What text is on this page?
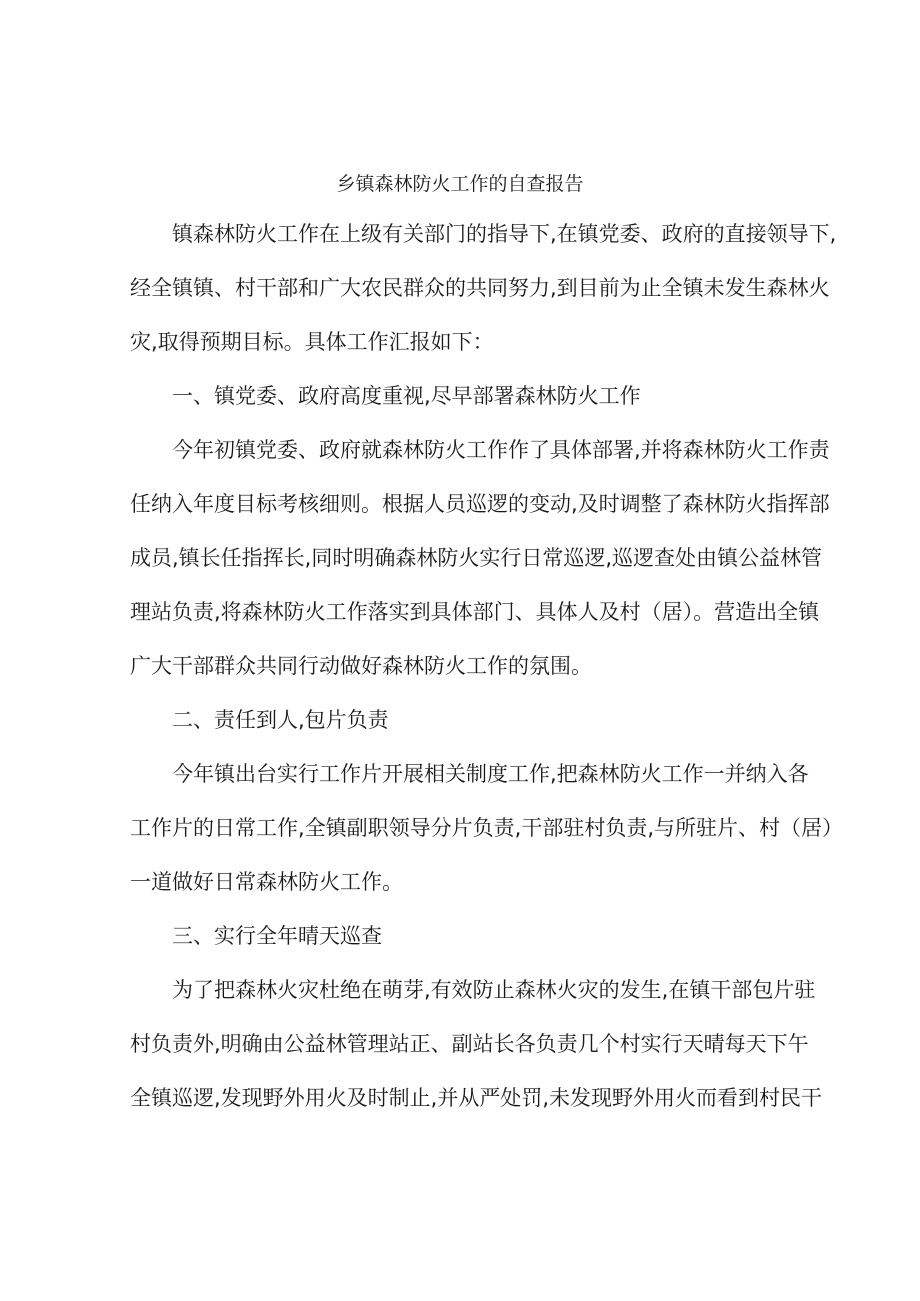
乡镇森林防火工作的自查报告
镇森林防火工作在上级有关部门的指导下,在镇党委、政府的直接领导下,
经全镇镇、村干部和广大农民群众的共同努力,到目前为止全镇未发生森林火
灾,取得预期目标。具体工作汇报如下：
一、镇党委、政府高度重视,尽早部署森林防火工作
今年初镇党委、政府就森林防火工作作了具体部署,并将森林防火工作责
任纳入年度目标考核细则。根据人员巡逻的变动,及时调整了森林防火指挥部
成员,镇长任指挥长,同时明确森林防火实行日常巡逻,巡逻查处由镇公益林管
理站负责,将森林防火工作落实到具体部门、具体人及村（居）。营造出全镇
广大干部群众共同行动做好森林防火工作的氛围。
二、责任到人,包片负责
今年镇出台实行工作片开展相关制度工作,把森林防火工作一并纳入各
工作片的日常工作,全镇副职领导分片负责,干部驻村负责,与所驻片、村（居）
一道做好日常森林防火工作。
三、实行全年晴天巡查
为了把森林火灾杜绝在萌芽,有效防止森林火灾的发生,在镇干部包片驻
村负责外,明确由公益林管理站正、副站长各负责几个村实行天晴每天下午
全镇巡逻,发现野外用火及时制止,并从严处罚,未发现野外用火而看到村民干
